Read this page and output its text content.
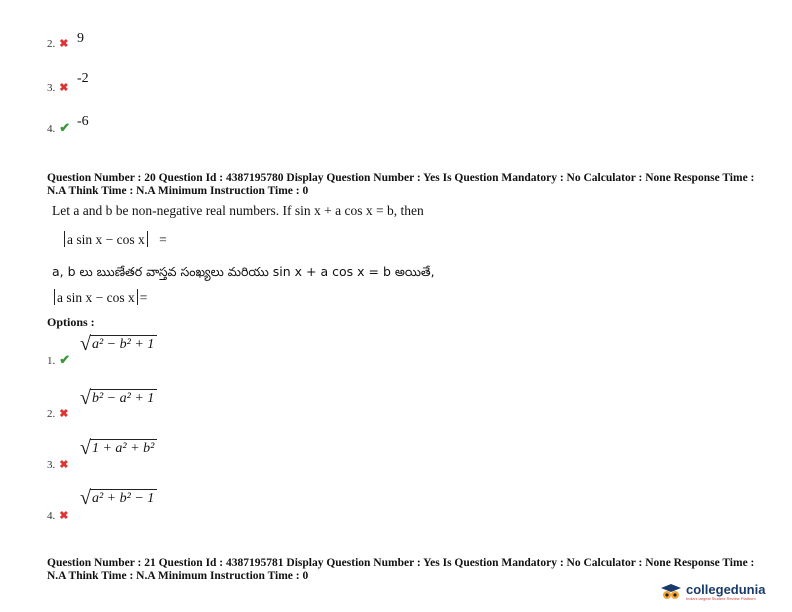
2. ✖ 9
3. ✖
-2
4. ✔ -6
Question Number : 20 Question Id : 4387195780 Display Question Number : Yes Is Question Mandatory : No Calculator : None Response Time : N.A Think Time : N.A Minimum Instruction Time : 0
Let a and b be non-negative real numbers. If sin x + a cos x = b, then
a sin x − cos x =
a, b లు ఋణేతర వాస్తవ సంఖ్యలు మరియు sin x + a cos x = b అయితే,
a sin x − cos x =
Options :
1. ✔
√ a² − b² + 1
2. ✖
√ b² − a² + 1
3. ✖
√ 1 + a² + b²
4. ✖
√ a² + b² − 1
Question Number : 21 Question Id : 4387195781 Display Question Number : Yes Is Question Mandatory : No Calculator : None Response Time : N.A Think Time : N.A Minimum Instruction Time : 0
collegedunia
India's largest Student Review Platform
